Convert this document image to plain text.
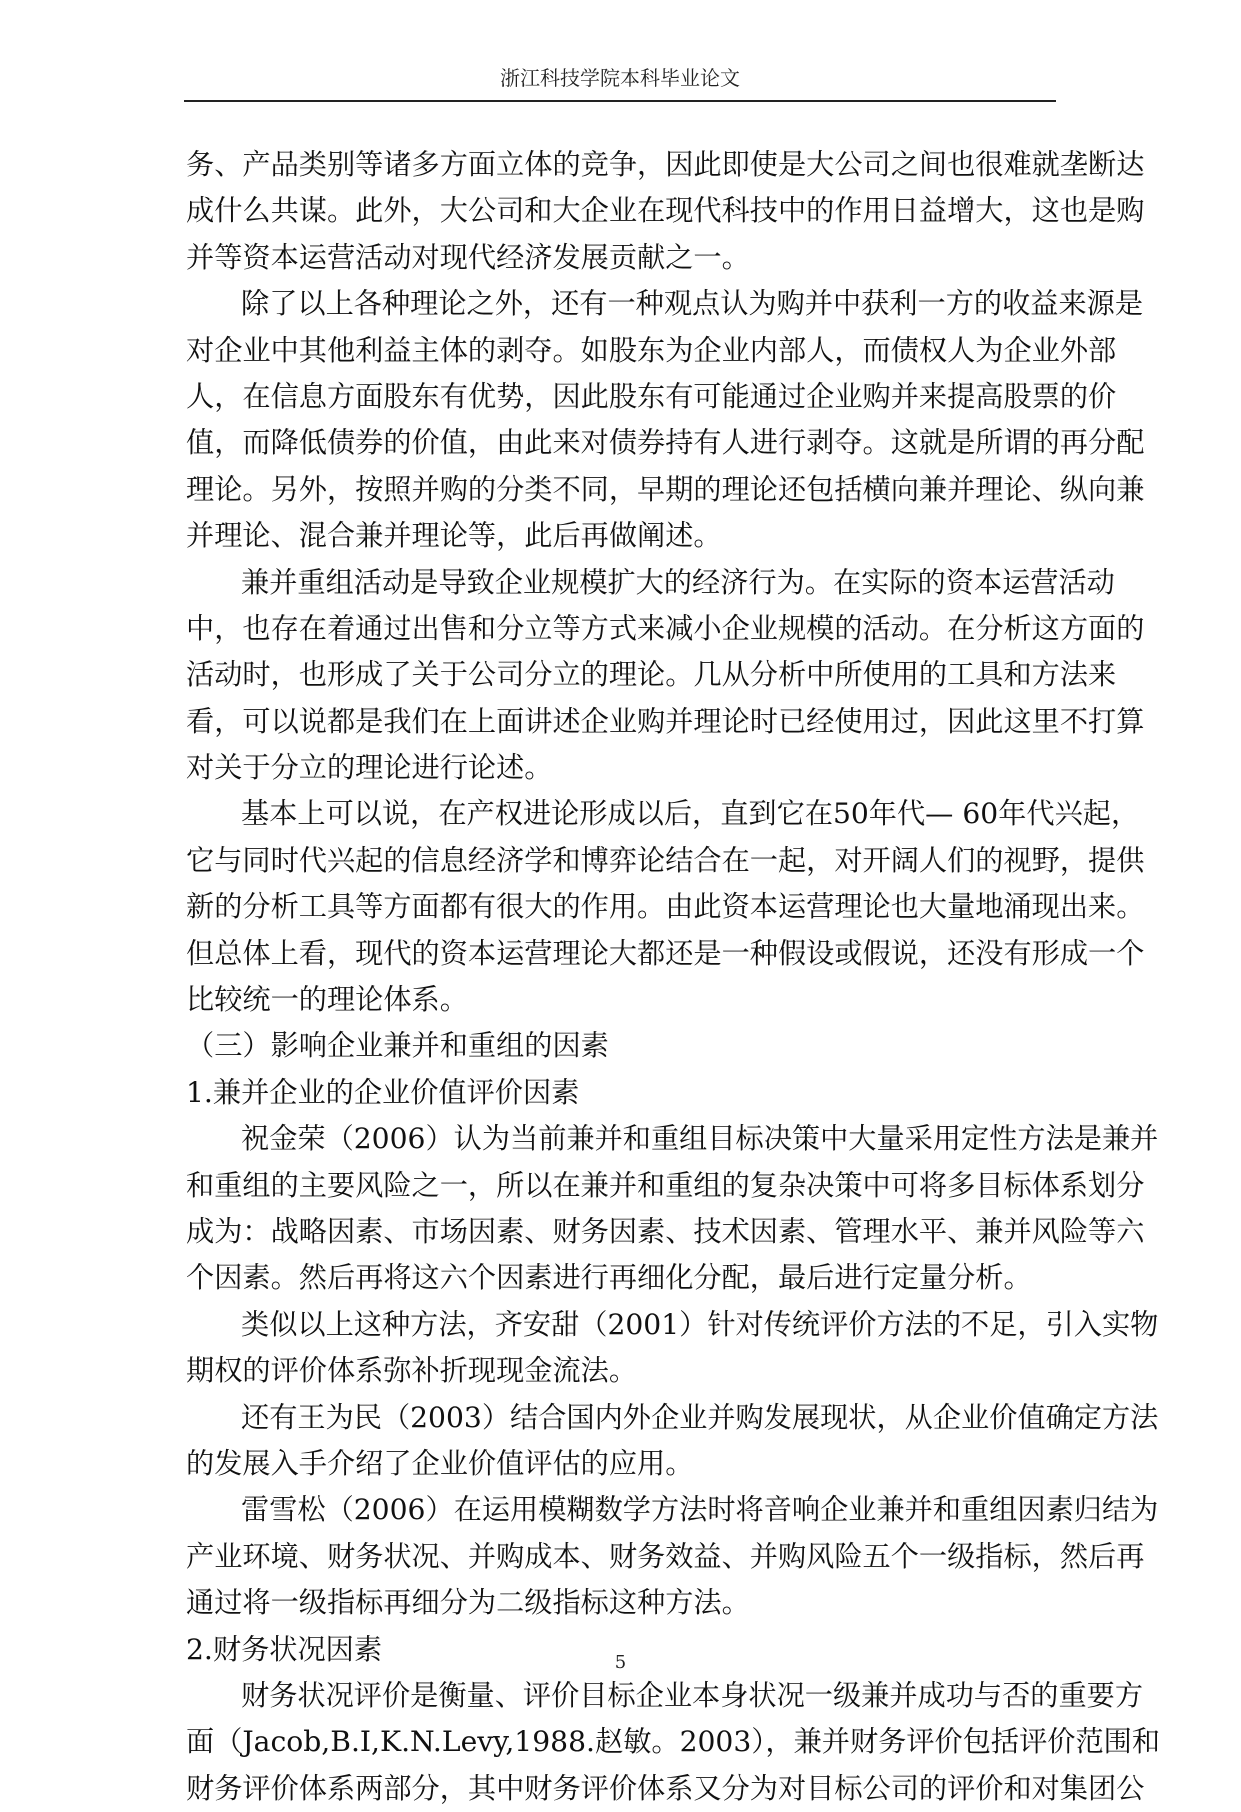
浙江科技学院本科毕业论文
务、产品类别等诸多方面立体的竞争，因此即使是大公司之间也很难就垄断达
成什么共谋。此外，大公司和大企业在现代科技中的作用日益增大，这也是购
并等资本运营活动对现代经济发展贡献之一。
除了以上各种理论之外，还有一种观点认为购并中获利一方的收益来源是
对企业中其他利益主体的剥夺。如股东为企业内部人，而债权人为企业外部
人，在信息方面股东有优势，因此股东有可能通过企业购并来提高股票的价
值，而降低债券的价值，由此来对债券持有人进行剥夺。这就是所谓的再分配
理论。另外，按照并购的分类不同，早期的理论还包括横向兼并理论、纵向兼
并理论、混合兼并理论等，此后再做阐述。
兼并重组活动是导致企业规模扩大的经济行为。在实际的资本运营活动
中，也存在着通过出售和分立等方式来减小企业规模的活动。在分析这方面的
活动时，也形成了关于公司分立的理论。几从分析中所使用的工具和方法来
看，可以说都是我们在上面讲述企业购并理论时已经使用过，因此这里不打算
对关于分立的理论进行论述。
基本上可以说，在产权进论形成以后，直到它在50年代— 60年代兴起，
它与同时代兴起的信息经济学和博弈论结合在一起，对开阔人们的视野，提供
新的分析工具等方面都有很大的作用。由此资本运营理论也大量地涌现出来。
但总体上看，现代的资本运营理论大都还是一种假设或假说，还没有形成一个
比较统一的理论体系。
（三）影响企业兼并和重组的因素
1.兼并企业的企业价值评价因素
祝金荣（2006）认为当前兼并和重组目标决策中大量采用定性方法是兼并
和重组的主要风险之一，所以在兼并和重组的复杂决策中可将多目标体系划分
成为：战略因素、市场因素、财务因素、技术因素、管理水平、兼并风险等六
个因素。然后再将这六个因素进行再细化分配，最后进行定量分析。
类似以上这种方法，齐安甜（2001）针对传统评价方法的不足，引入实物
期权的评价体系弥补折现现金流法。
还有王为民（2003）结合国内外企业并购发展现状，从企业价值确定方法
的发展入手介绍了企业价值评估的应用。
雷雪松（2006）在运用模糊数学方法时将音响企业兼并和重组因素归结为
产业环境、财务状况、并购成本、财务效益、并购风险五个一级指标，然后再
通过将一级指标再细分为二级指标这种方法。
2.财务状况因素
财务状况评价是衡量、评价目标企业本身状况一级兼并成功与否的重要方
面（Jacob,B.I,K.N.Levy,1988.赵敏。2003），兼并财务评价包括评价范围和
财务评价体系两部分，其中财务评价体系又分为对目标公司的评价和对集团公
5
